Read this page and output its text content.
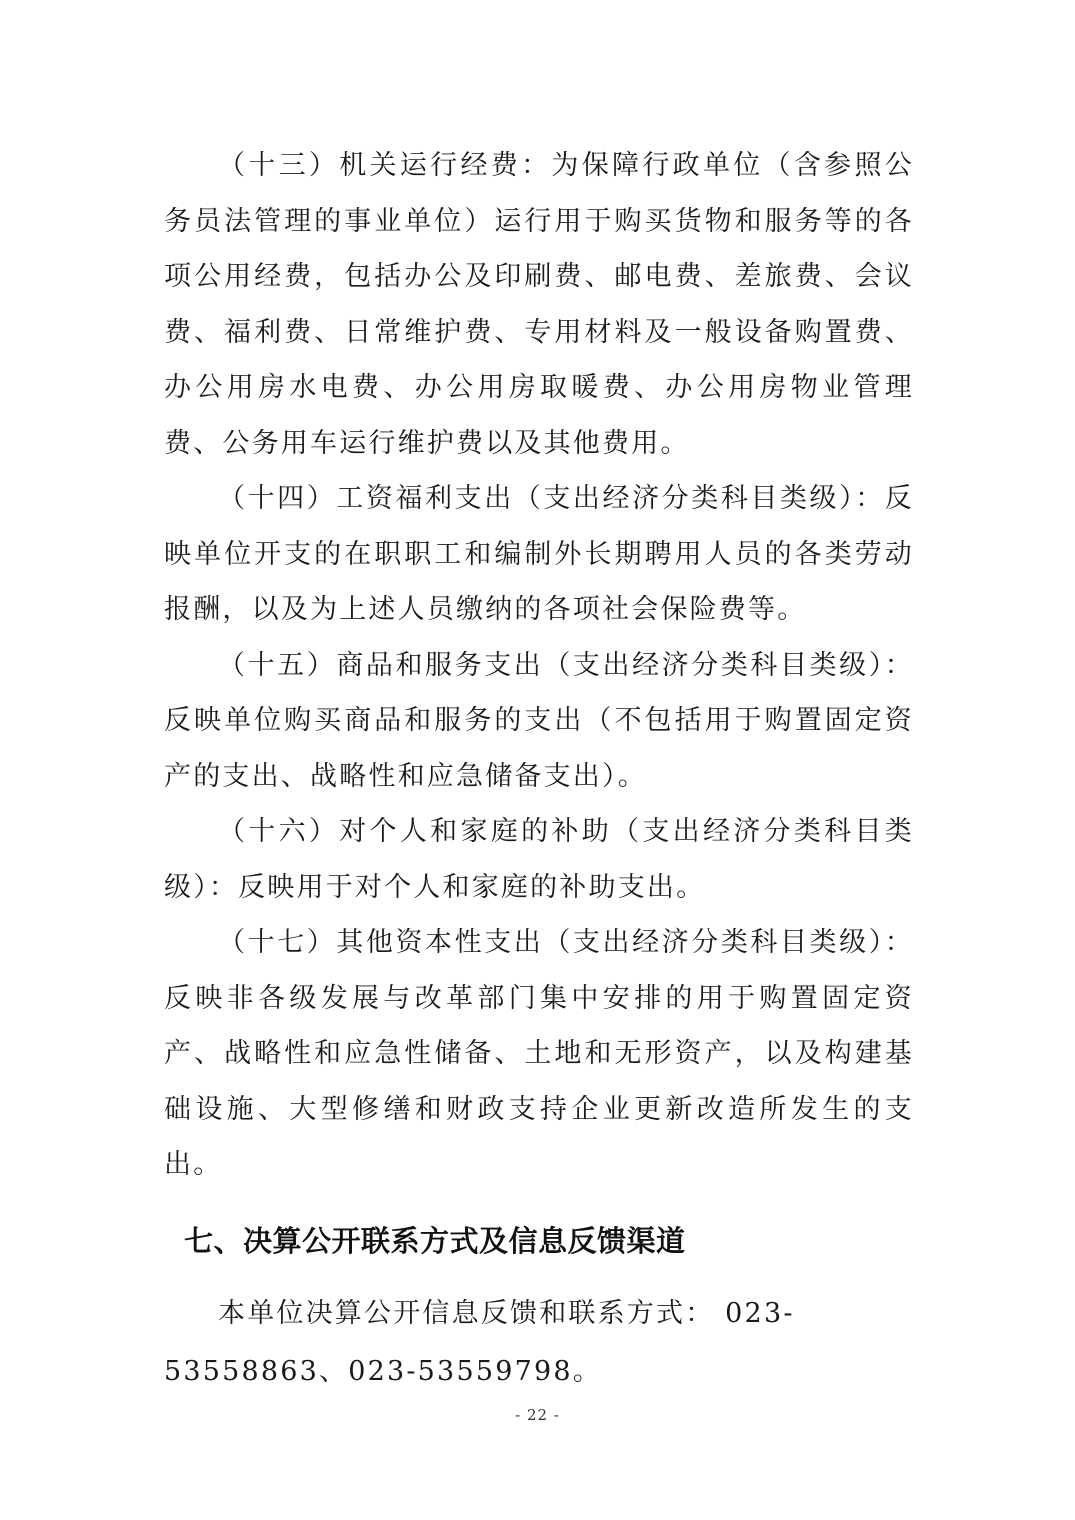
（十三）机关运行经费：为保障行政单位（含参照公务员法管理的事业单位）运行用于购买货物和服务等的各项公用经费，包括办公及印刷费、邮电费、差旅费、会议费、福利费、日常维护费、专用材料及一般设备购置费、办公用房水电费、办公用房取暖费、办公用房物业管理费、公务用车运行维护费以及其他费用。

（十四）工资福利支出（支出经济分类科目类级）：反映单位开支的在职职工和编制外长期聘用人员的各类劳动报酬，以及为上述人员缴纳的各项社会保险费等。

（十五）商品和服务支出（支出经济分类科目类级）：反映单位购买商品和服务的支出（不包括用于购置固定资产的支出、战略性和应急储备支出）。

（十六）对个人和家庭的补助（支出经济分类科目类级）：反映用于对个人和家庭的补助支出。

（十七）其他资本性支出（支出经济分类科目类级）：反映非各级发展与改革部门集中安排的用于购置固定资产、战略性和应急性储备、土地和无形资产，以及构建基础设施、大型修缮和财政支持企业更新改造所发生的支出。

七、决算公开联系方式及信息反馈渠道

本单位决算公开信息反馈和联系方式： 023-53558863、023-53559798。

- 22 -
